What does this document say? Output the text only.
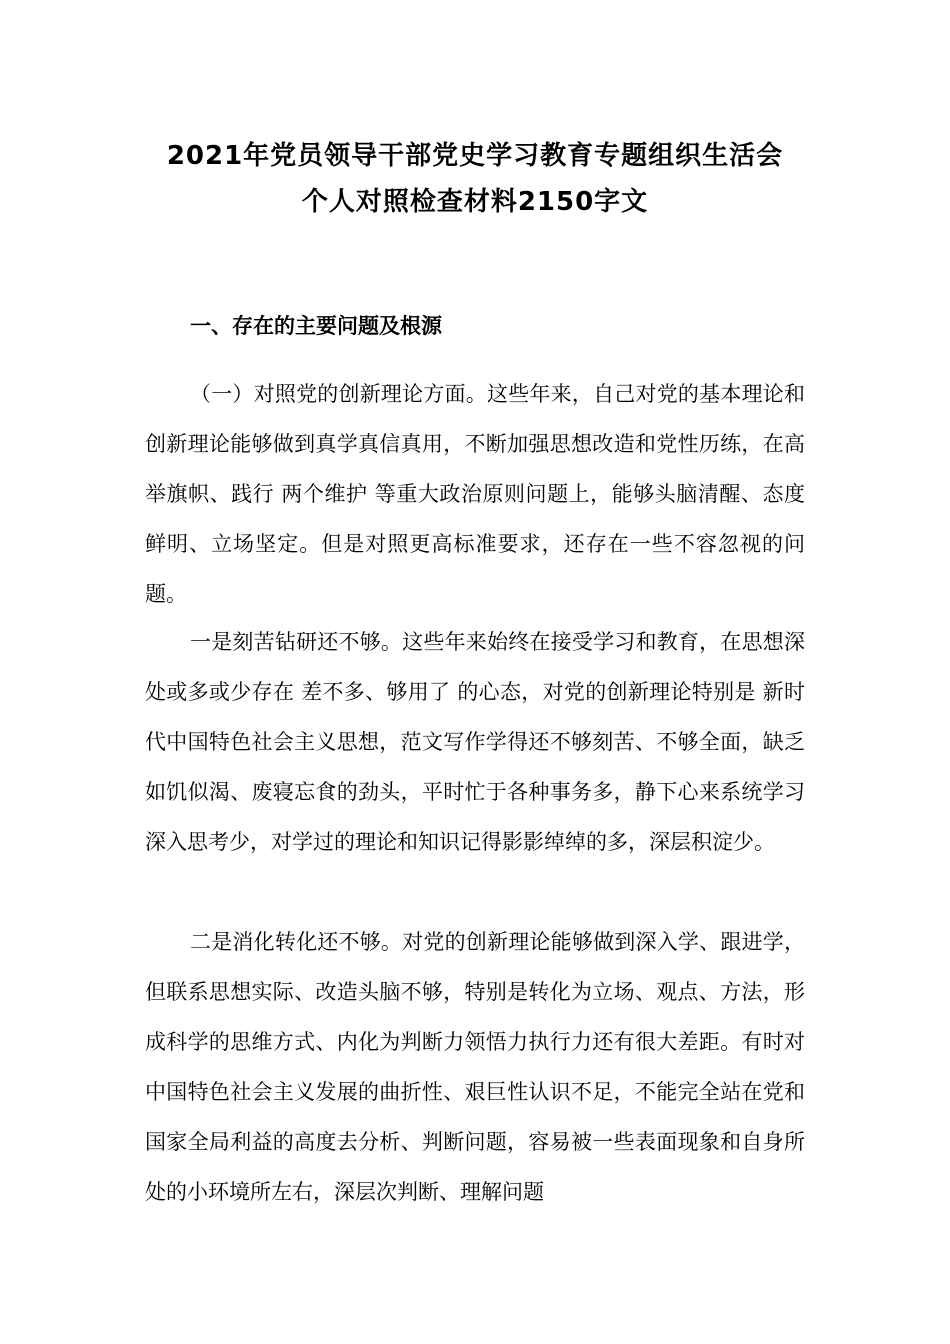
2021年党员领导干部党史学习教育专题组织生活会
个人对照检查材料2150字文
一、存在的主要问题及根源

（一）对照党的创新理论方面。这些年来，自己对党的基本理论和创新理论能够做到真学真信真用，不断加强思想改造和党性历练，在高举旗帜、践行 两个维护 等重大政治原则问题上，能够头脑清醒、态度鲜明、立场坚定。但是对照更高标准要求，还存在一些不容忽视的问题。

一是刻苦钻研还不够。这些年来始终在接受学习和教育，在思想深处或多或少存在 差不多、够用了 的心态，对党的创新理论特别是 新时代中国特色社会主义思想，范文写作学得还不够刻苦、不够全面，缺乏如饥似渴、废寝忘食的劲头，平时忙于各种事务多，静下心来系统学习深入思考少，对学过的理论和知识记得影影绰绰的多，深层积淀少。

二是消化转化还不够。对党的创新理论能够做到深入学、跟进学，但联系思想实际、改造头脑不够，特别是转化为立场、观点、方法，形成科学的思维方式、内化为判断力领悟力执行力还有很大差距。有时对中国特色社会主义发展的曲折性、艰巨性认识不足，不能完全站在党和国家全局利益的高度去分析、判断问题，容易被一些表面现象和自身所处的小环境所左右，深层次判断、理解问题
